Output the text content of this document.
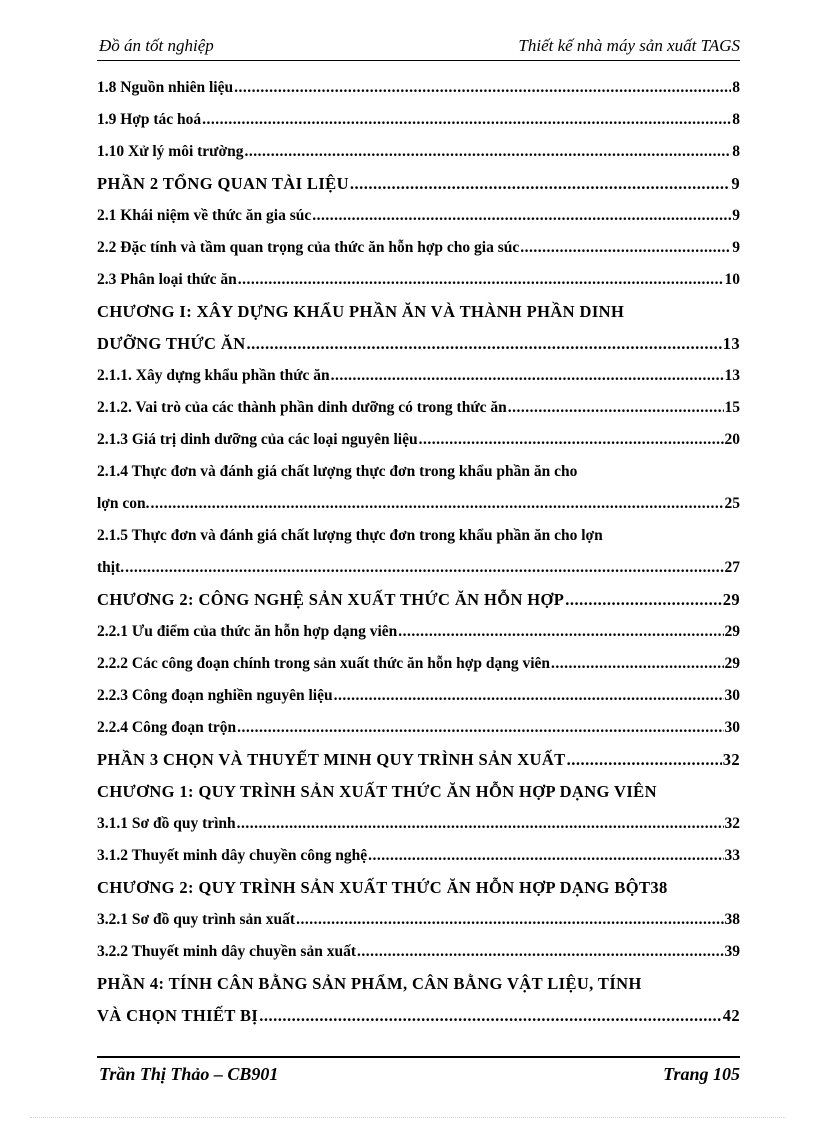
Đồ án tốt nghiệp	Thiết kế nhà máy sản xuất TAGS
1.8 Nguồn nhiên liệu .....	8
1.9 Hợp tác hoá .....	8
1.10 Xử lý môi trường .....	8
PHẦN 2 TỔNG QUAN TÀI LIỆU .....	9
2.1 Khái niệm về thức ăn gia súc .....	9
2.2 Đặc tính và tầm quan trọng của thức ăn hỗn hợp cho gia súc .....	9
2.3 Phân loại thức ăn .....	10
CHƯƠNG I: XÂY DỰNG KHẨU PHẦN ĂN VÀ THÀNH PHẦN DINH
DƯỠNG THỨC ĂN .....	13
2.1.1. Xây dựng khẩu phần thức ăn .....	13
2.1.2. Vai trò của các thành phần dinh dưỡng có trong thức ăn .....	15
2.1.3 Giá trị dinh dưỡng của các loại nguyên liệu .....	20
2.1.4 Thực đơn và đánh giá chất lượng thực đơn trong khẩu phần ăn cho
lợn con. .....	25
2.1.5 Thực đơn và đánh giá chất lượng thực đơn trong khẩu phần ăn cho lợn
thịt. .....	27
CHƯƠNG 2: CÔNG NGHỆ SẢN XUẤT THỨC ĂN HỖN HỢP .....	29
2.2.1 Ưu điểm của thức ăn hỗn hợp dạng viên .....	29
2.2.2 Các công đoạn chính trong sản xuất thức ăn hỗn hợp dạng viên .....	29
2.2.3 Công đoạn nghiền nguyên liệu .....	30
2.2.4 Công đoạn trộn .....	30
PHẦN 3 CHỌN VÀ THUYẾT MINH QUY TRÌNH SẢN XUẤT .....	32
CHƯƠNG 1: QUY TRÌNH SẢN XUẤT THỨC ĂN HỖN HỢP DẠNG VIÊN
3.1.1 Sơ đồ quy trình .....	32
3.1.2 Thuyết minh dây chuyền công nghệ .....	33
CHƯƠNG 2: QUY TRÌNH SẢN XUẤT THỨC ĂN HỖN HỢP DẠNG BỘT38
3.2.1 Sơ đồ quy trình sản xuất .....	38
3.2.2 Thuyết minh dây chuyền sản xuất .....	39
PHẦN 4: TÍNH CÂN BẰNG SẢN PHẨM, CÂN BẰNG VẬT LIỆU, TÍNH
VÀ CHỌN THIẾT BỊ .....	42
Trần Thị Thảo – CB901	Trang 105
